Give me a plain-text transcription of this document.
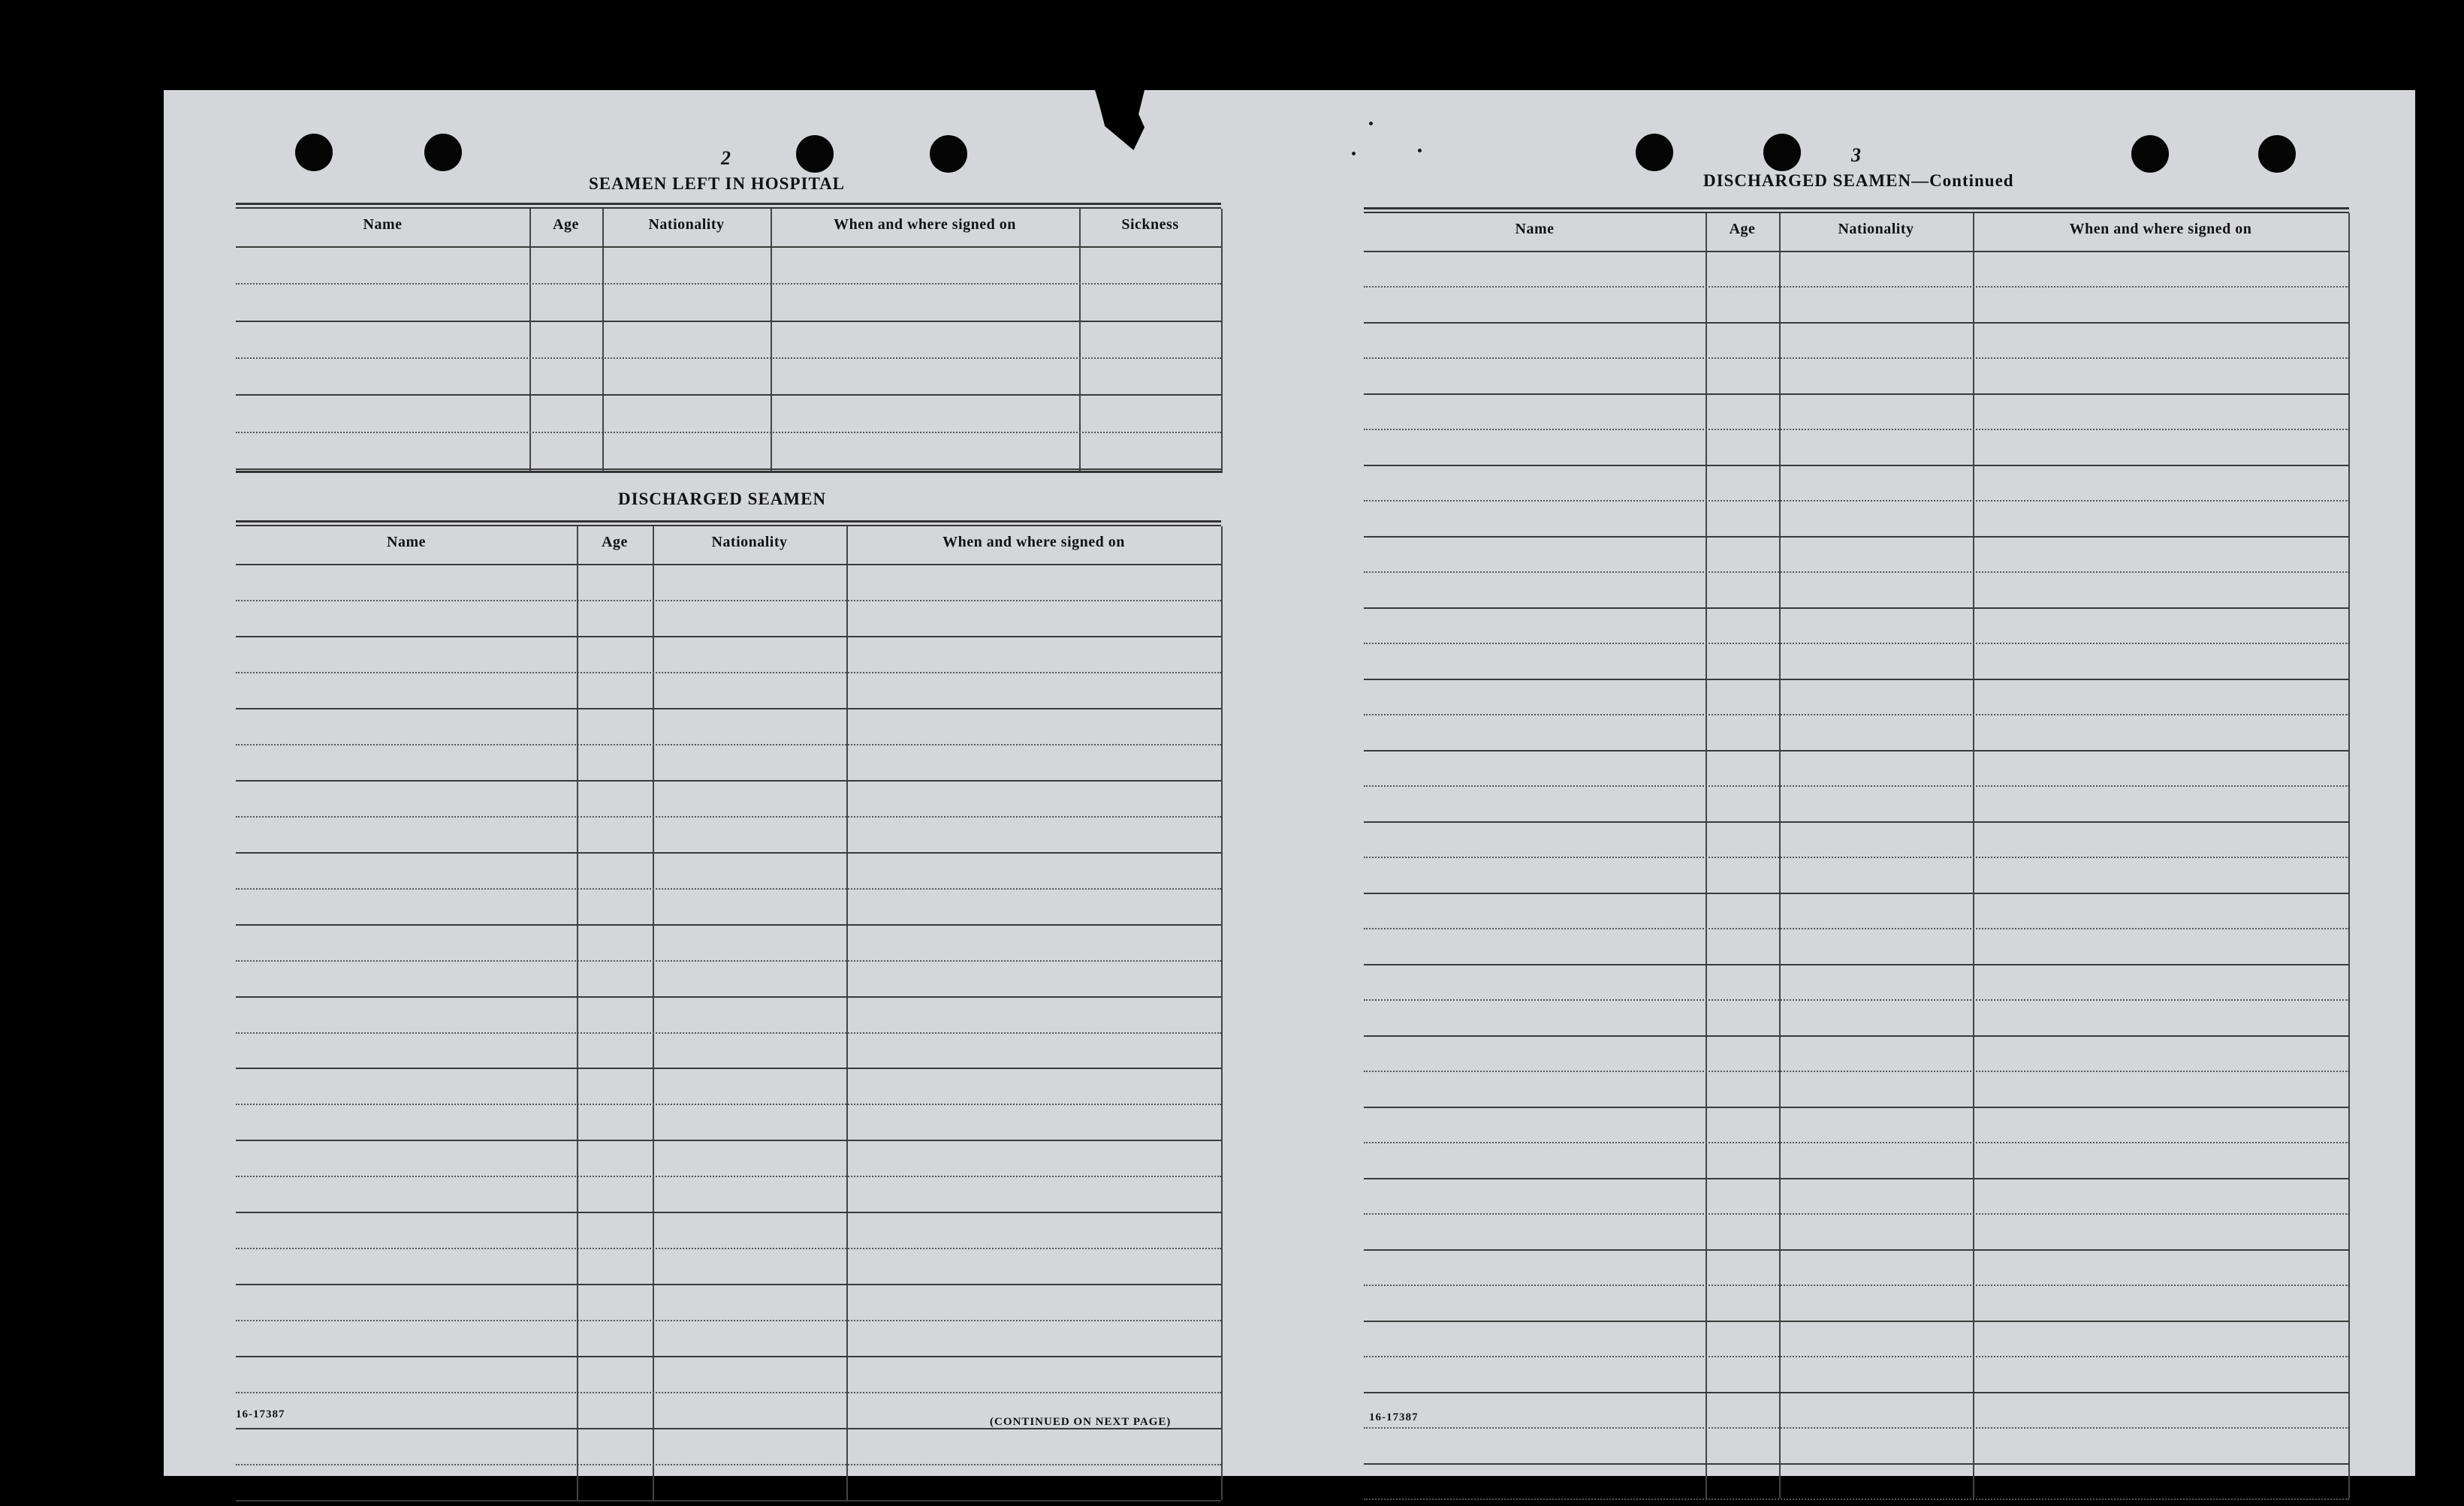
2
SEAMEN LEFT IN HOSPITAL
Name	Age	Nationality	When and where signed on	Sickness
DISCHARGED SEAMEN
Name	Age	Nationality	When and where signed on
16-17387
(CONTINUED ON NEXT PAGE)
3
DISCHARGED SEAMEN—Continued
Name	Age	Nationality	When and where signed on
16-17387
